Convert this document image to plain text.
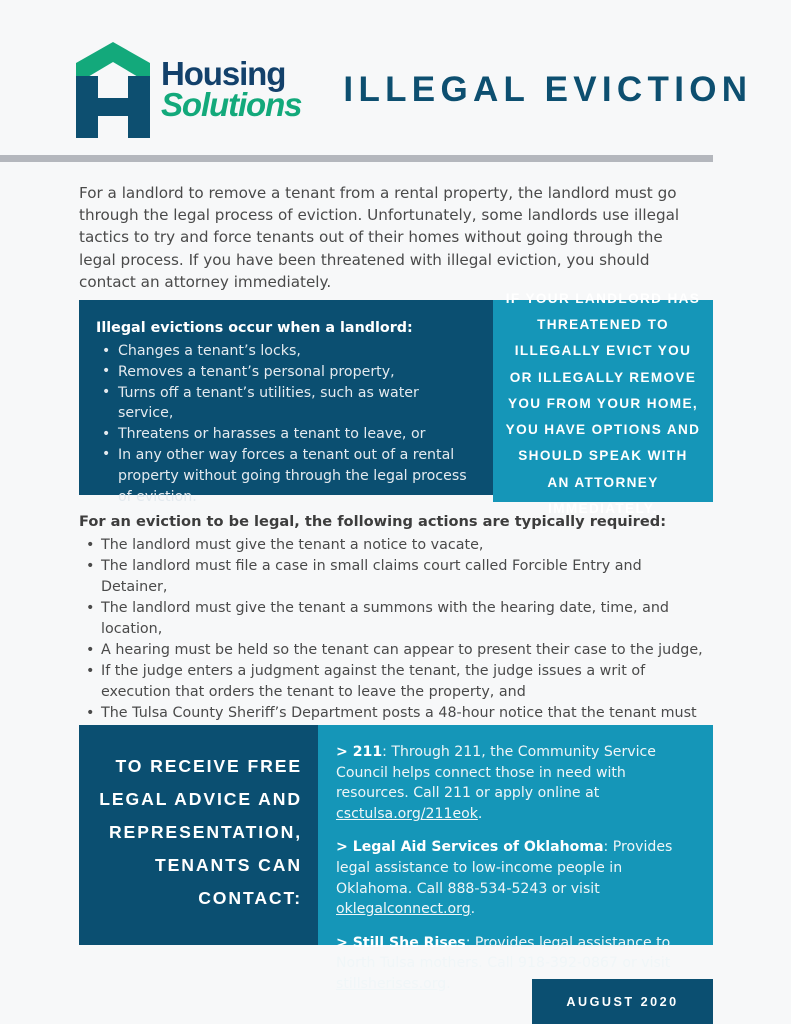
Housing
Solutions ILLEGAL EVICTION

For a landlord to remove a tenant from a rental property, the landlord must go through the legal process of eviction. Unfortunately, some landlords use illegal tactics to try and force tenants out of their homes without going through the legal process. If you have been threatened with illegal eviction, you should contact an attorney immediately.

Illegal evictions occur when a landlord:
• Changes a tenant’s locks,
• Removes a tenant’s personal property,
• Turns off a tenant’s utilities, such as water service,
• Threatens or harasses a tenant to leave, or
• In any other way forces a tenant out of a rental property without going through the legal process of eviction.
IF YOUR LANDLORD HAS THREATENED TO ILLEGALLY EVICT YOU OR ILLEGALLY REMOVE YOU FROM YOUR HOME, YOU HAVE OPTIONS AND SHOULD SPEAK WITH AN ATTORNEY IMMEDIATELY.
For an eviction to be legal, the following actions are typically required:
• The landlord must give the tenant a notice to vacate,
• The landlord must file a case in small claims court called Forcible Entry and Detainer,
• The landlord must give the tenant a summons with the hearing date, time, and location,
• A hearing must be held so the tenant can appear to present their case to the judge,
• If the judge enters a judgment against the tenant, the judge issues a writ of execution that orders the tenant to leave the property, and
• The Tulsa County Sheriff’s Department posts a 48-hour notice that the tenant must
TO RECEIVE FREE LEGAL ADVICE AND REPRESENTATION, TENANTS CAN CONTACT:
> 211: Through 211, the Community Service Council helps connect those in need with resources. Call 211 or apply online at csctulsa.org/211eok.
> Legal Aid Services of Oklahoma: Provides legal assistance to low-income people in Oklahoma. Call 888-534-5243 or visit oklegalconnect.org.
> Still She Rises: Provides legal assistance to North Tulsa mothers. Call 918-392-0867 or visit stillsherises.org.
AUGUST 2020
